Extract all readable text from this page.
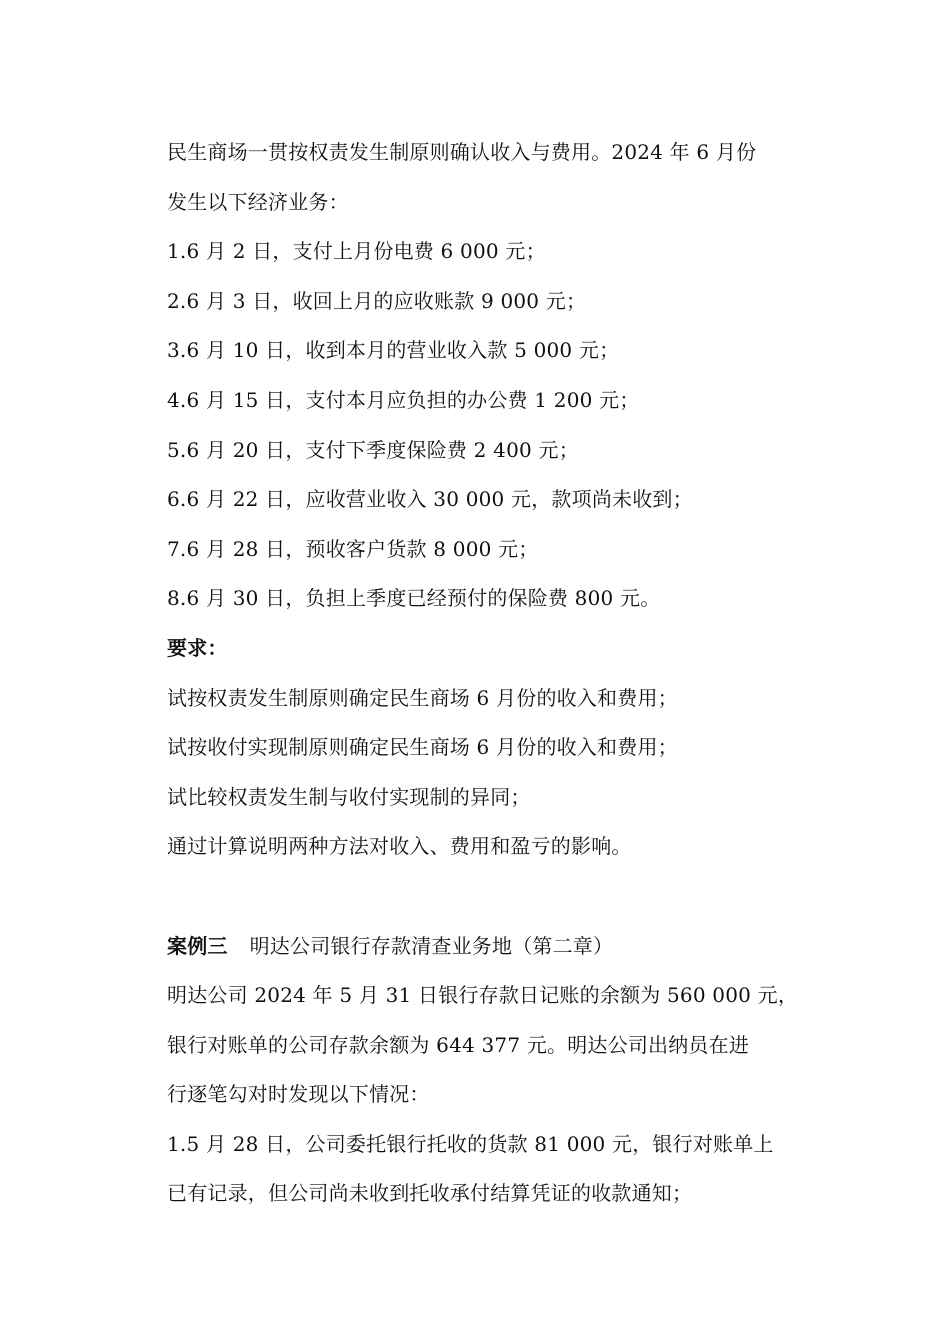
民生商场一贯按权责发生制原则确认收入与费用。2024 年 6 月份
发生以下经济业务：
1.6 月 2 日，支付上月份电费 6 000 元；
2.6 月 3 日，收回上月的应收账款 9 000 元；
3.6 月 10 日，收到本月的营业收入款 5 000 元；
4.6 月 15 日，支付本月应负担的办公费 1 200 元；
5.6 月 20 日，支付下季度保险费 2 400 元；
6.6 月 22 日，应收营业收入 30 000 元，款项尚未收到；
7.6 月 28 日，预收客户货款 8 000 元；
8.6 月 30 日，负担上季度已经预付的保险费 800 元。
要求：
试按权责发生制原则确定民生商场 6 月份的收入和费用；
试按收付实现制原则确定民生商场 6 月份的收入和费用；
试比较权责发生制与收付实现制的异同；
通过计算说明两种方法对收入、费用和盈亏的影响。
案例三 明达公司银行存款清查业务地（第二章）
明达公司 2024 年 5 月 31 日银行存款日记账的余额为 560 000 元，
银行对账单的公司存款余额为 644 377 元。明达公司出纳员在进
行逐笔勾对时发现以下情况：
1.5 月 28 日，公司委托银行托收的货款 81 000 元，银行对账单上
已有记录，但公司尚未收到托收承付结算凭证的收款通知；
